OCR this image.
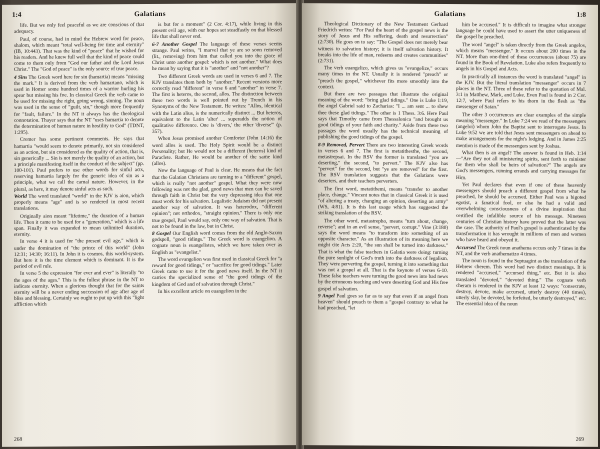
1:4	Galatians

life. But we only feel peaceful as we are conscious of that adequacy.

Paul, of course, had in mind the Hebrew word for peace, shalom, which meant "total well-being for time and eternity" (IB, 10:443). That was the kind of "peace" that he wished for his readers. And he knew full well that the kind of peace could come to them only from "God our father and the Lord Jesus Christ." The "God of peace" is the only source of true peace.

4 Sins The Greek word here for sin (hamartia) means "missing the mark." It is derived from the verb hamartano, which is used in Homer some hundred times of a warrior hurling his spear but missing his foe. In classical Greek the verb came to be used for missing the right, going wrong, sinning. The noun was used in the sense of "guilt, sin," though more frequently for "fault, failure." In the NT it always has the theological connotation. Thayer says that the NT "uses hamartia to denote the determination of human nature in hostility to God" (TDNT, 1:295).

Cremer has some pertinent comments. He says that hamartia "would seem to denote primarily, not sin considered as an action, but sin considered as the quality of action, that is, sin generically ... Sin is not merely the quality of an action, but a principle manifesting itself in the conduct of the subject" (pp. 100-101). Paul prefers to use other words for sinful acts, reserving hamartia largely for the generic idea of sin as a principle, what we call the carnal nature. However, in the plural, as here, it may denote sinful acts as such.

World The word translated "world" in the KJV is aion, which properly means "age" and is so rendered in most recent translations.

Originally aion meant "lifetime," the duration of a human life. Then it came to be used for a "generation," which is a life span. Finally it was expanded to mean unlimited duration, eternity.

In verse 4 it is used for "the present evil age," which is under the domination of "the prince of this world" (John 12:31; 14:30; 16:11). In John it is cosmos, this world-system. But here it is the time element which is dominant. It is the period of evil rule.

In verse 5 the expression "for ever and ever" is literally "to the ages of the ages." This is the fullest phrase in the NT to indicate eternity. When a glorious thought that for the saints eternity will be a never ending succession of age after age of bliss and blessing. Certainly we ought to put up with this "light affliction which

is but for a moment" (2 Cor. 4:17), while living in this present evil age, with our hopes set steadfastly on that blessed life that shall never end.

6-7 Another Gospel The language of these verses seems strange. Paul writes, "I marvel that ye are so soon removed (lit., removing) from him that called you into the grace of Christ unto another gospel: which is not another." What does he mean by saying that it is "another" and "not another"?

Two different Greek words are used in verses 6 and 7. The KJV translates them both by "another." Recent versions more correctly read "different" in verse 6 and "another" in verse 7. The first is heteros, the second, allos. The distinction between these two words is well pointed out by Trench in his Synonyms of the New Testament. He writes: "Allos, identical with the Latin alius, is the numerically distinct ... But heteros, equivalent to the Latin 'alter' ... superadds the notion of qualitative difference. One is 'divers,' the other 'diverse'" (p. 357).

When Jesus promised another Comforter (John 14:16) the word allos is used. The Holy Spirit would be a distinct Personality; but He would not be a different (heteros) kind of Paraclete. Rather, He would be another of the same kind (allos).

Now the language of Paul is clear. He means that the fact that the Galatian Christians are turning to a "different" gospel, which is really "not another" gospel. What they were now following was not the glad, good news that men can be saved through faith in Christ but the very depressing idea that one must work for his salvation. Legalistic Judaism did not present another way of salvation. It was heterodox, "different opinion"; not orthodox, "straight opinion." There is only one true gospel, Paul would say, only one way of salvation. That is not to be found in the law, but in Christ.

8 Gospel Our English word comes from the old Anglo-Saxon godspell, "good tidings." The Greek word is euangelion. A cognate noun is euangelistes, which we have taken over as English as "evangelist."

The word evangelion was first used in classical Greek for "a reward for good tidings," or "sacrifice for good tidings." Later Greek came to use it for the good news itself. In the NT it carries the specialized sense of "the good tidings of the kingdom of God and of salvation through Christ."

In his excellent article on euangelion in the

268
Galatians	1:8

Theological Dictionary of the New Testament Gerhard Friedrich writes: "For Paul the heart of the gospel news is the story of Jesus and His suffering, death and resurrection" (2:730). He goes on to say: "The Gospel does not merely bear witness to salvation history; it is itself salvation history. It breaks into the life of man, redeems and creates communities" (2:731).

The verb euangelizo, which gives us "evangelize," occurs many times in the NT. Usually it is rendered "preach" or "preach the gospel," whichever fits more smoothly into the context.

But there are two passages that illustrate the original meaning of the word: "bring glad tidings." One is Luke 1:19, the angel Gabriel said to Zacharias: "I ... am sent ... to shew thee these glad tidings." The other is 1 Thess. 3:6. Here Paul says that Timothy came from Thessalonica "and brought us good tidings of your faith and charity." Aside from these two passages the word usually has the technical meaning of publishing the good tidings of the gospel.

8-9 Removed, Pervert There are two interesting Greek words in verses 6 and 7. The first is metatithesthe, the second, metastrepsai. In the RSV the former is translated "you are deserting," the second, "to pervert." The KJV also has "pervert" for the second, but "ye are removed" for the first. The RSV translation suggests that the Galatians were deserters, and their teachers perverters.

The first word, metatithemi, means "transfer to another place, change." Vincent notes that in classical Greek it is used "of altering a treaty, changing an opinion, deserting an army" (WS, 4:81). It is this last usage which has suggested the striking translation of the RSV.

The other word, metastrepho, means "turn about, change, reverse"; and in an evil sense, "pervert, corrupt." Vine (3:180) says the word means "to transform into something of an opposite character." As an illustration of its meaning here we might cite Acts 2:20, "the sun shall be turned into darkness." That is what the false teachers in Galatia were doing: turning the pure sunlight of God's truth into the darkness of legalism. They were perverting the gospel, turning it into something that was not a gospel at all. That is the keynote of verses 6-10. These false teachers were turning the good news into bad news by the erroneous teaching and were deserting God and His free gospel of salvation.

9 Angel Paul goes so far as to say that even if an angel from heaven" should preach to them a "gospel contrary to what he had preached, "let

him be accursed." It is difficult to imagine what stronger language he could have used to assert the utter uniqueness of the gospel he preached.

The word "angel" is taken directly from the Greek angelos, which means "messenger." It occurs about 200 times in the NT. More than one-third of these occurrences (about 75) are found in the Book of Revelation. Luke also refers frequently to angels in his Gospel and Acts.

In practically all instances the word is translated "angel" in the KJV. But the literal translation "messenger" occurs in 7 places in the NT. Three of these refer to the quotation of Mal. 3:1 in Matthew, Mark, and Luke. Even Paul is found in 2 Cor. 12:7, where Paul refers to his thorn in the flesh as "the messenger of Satan."

The other 3 occurrences are clear examples of the simple meaning "messenger." In Luke 7:24 we read of the messengers (angeloi) whom John the Baptist sent to interrogate Jesus. In Luke 9:52 we are told that Jesus sent messengers on ahead to make arrangements for the night's lodging. And in James 2:25 mention is made of the messengers sent by Joshua.

What then is an angel? The answer is found in Heb. 1:14—"Are they not all ministering spirits, sent forth to minister for them who shall be heirs of salvation?" The angels are God's messengers, running errands and carrying messages for Him.

Yet Paul declares that even if one of these heavenly messengers should preach a different gospel from what he preached, he should be accursed. Either Paul was a bigoted egotist, a fanatical fool, or else he had a valid and overwhelming consciousness of a divine inspiration that certified the infallible source of his message. Nineteen centuries of Christian history have proved that the latter was the case. The authority of Paul's gospel is authenticated by the transformation it has wrought in millions of men and women who have heard and obeyed it.

Accursed The Greek noun anathema occurs only 7 times in the NT, and the verb anathematizo 4 times.

The noun is found in the Septuagint as the translation of the Hebrew cherem. This word had two distinct meanings. It is rendered "accursed," "accursed thing," etc. But it is also translated "devoted," "devoted thing." The cognate verb cheram is rendered in the KJV at least 12 ways: "consecrate, destroy, devote, make accursed, utterly destroy (40 times), utterly slay, be devoted, be forfeited, be utterly destroyed," etc. The essential idea of the noun

269
